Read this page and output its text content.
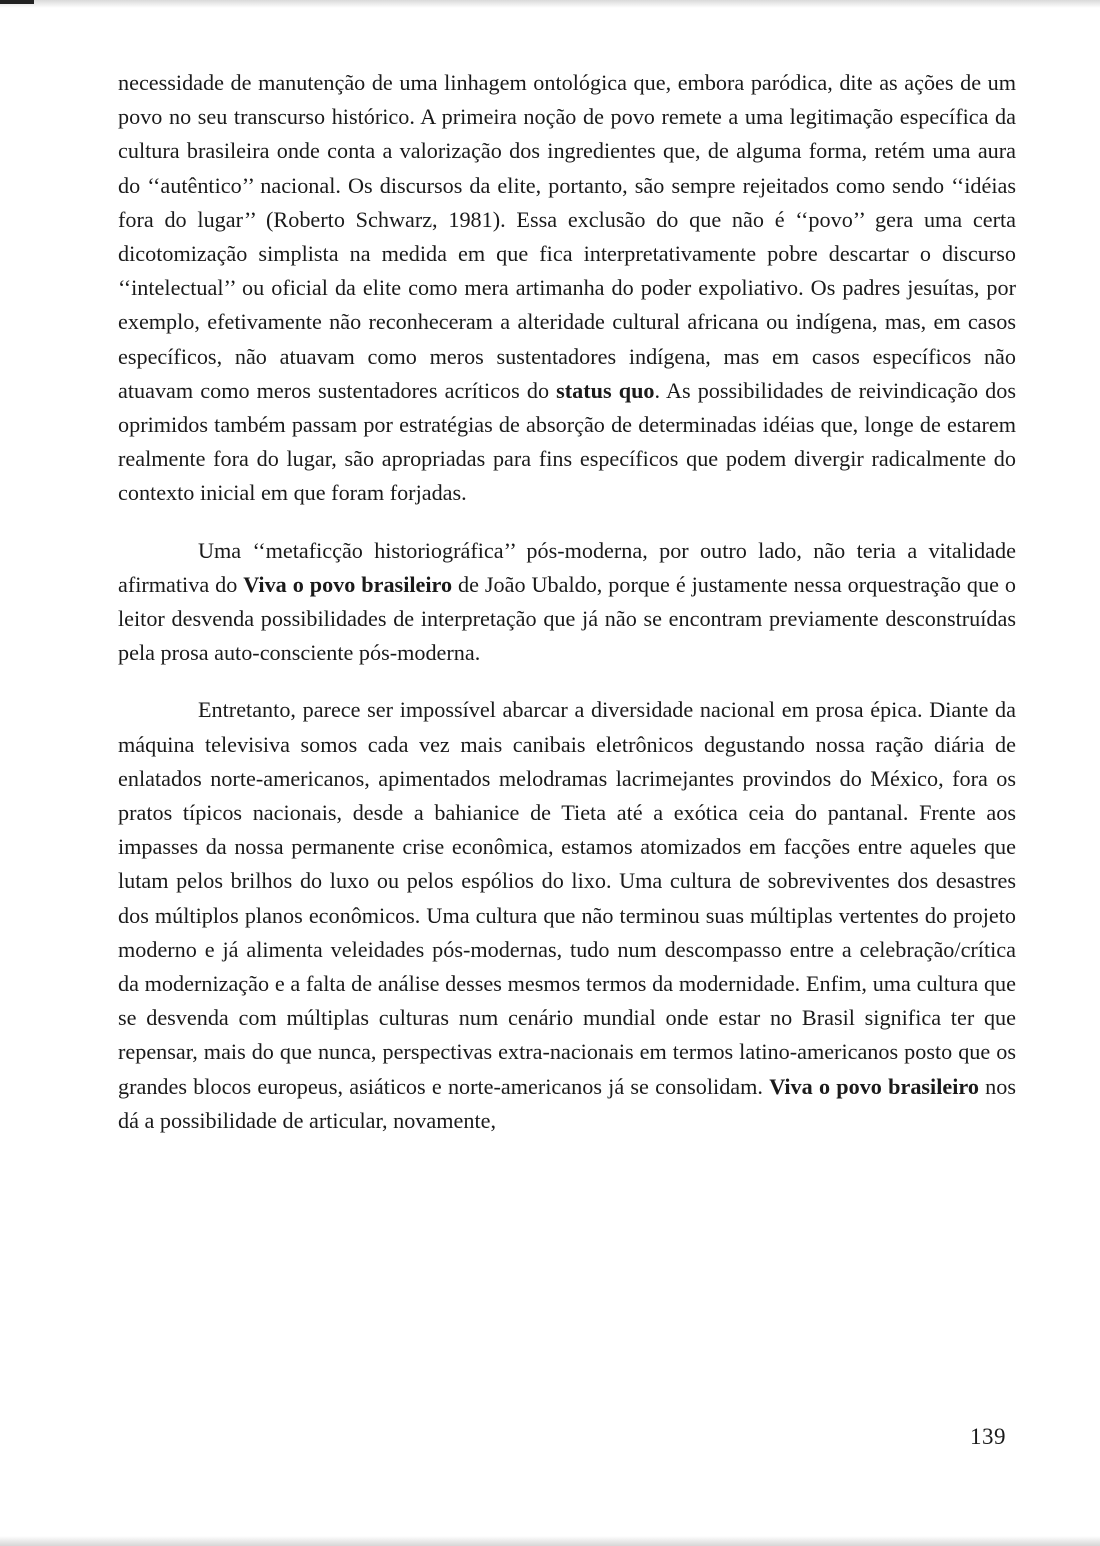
necessidade de manutenção de uma linhagem ontológica que, embora paródica, dite as ações de um povo no seu transcurso histórico. A primeira noção de povo remete a uma legitimação específica da cultura brasileira onde conta a valorização dos ingredientes que, de alguma forma, retém uma aura do ‘‘autêntico’’ nacional. Os discursos da elite, portanto, são sempre rejeitados como sendo ‘‘idéias fora do lugar’’ (Roberto Schwarz, 1981). Essa exclusão do que não é ‘‘povo’’ gera uma certa dicotomização simplista na medida em que fica interpretativamente pobre descartar o discurso ‘‘intelectual’’ ou oficial da elite como mera artimanha do poder expoliativo. Os padres jesuítas, por exemplo, efetivamente não reconheceram a alteridade cultural africana ou indígena, mas, em casos específicos, não atuavam como meros sustentadores indígena, mas em casos específicos não atuavam como meros sustentadores acríticos do status quo. As possibilidades de reivindicação dos oprimidos também passam por estratégias de absorção de determinadas idéias que, longe de estarem realmente fora do lugar, são apropriadas para fins específicos que podem divergir radicalmente do contexto inicial em que foram forjadas.

Uma ‘‘metaficção historiográfica’’ pós-moderna, por outro lado, não teria a vitalidade afirmativa do Viva o povo brasileiro de João Ubaldo, porque é justamente nessa orquestração que o leitor desvenda possibilidades de interpretação que já não se encontram previamente desconstruídas pela prosa auto-consciente pós-moderna.

Entretanto, parece ser impossível abarcar a diversidade nacional em prosa épica. Diante da máquina televisiva somos cada vez mais canibais eletrônicos degustando nossa ração diária de enlatados norte-americanos, apimentados melodramas lacrimejantes provindos do México, fora os pratos típicos nacionais, desde a bahianice de Tieta até a exótica ceia do pantanal. Frente aos impasses da nossa permanente crise econômica, estamos atomizados em facções entre aqueles que lutam pelos brilhos do luxo ou pelos espólios do lixo. Uma cultura de sobreviventes dos desastres dos múltiplos planos econômicos. Uma cultura que não terminou suas múltiplas vertentes do projeto moderno e já alimenta veleidades pós-modernas, tudo num descompasso entre a celebração/crítica da modernização e a falta de análise desses mesmos termos da modernidade. Enfim, uma cultura que se desvenda com múltiplas culturas num cenário mundial onde estar no Brasil significa ter que repensar, mais do que nunca, perspectivas extra-nacionais em termos latino-americanos posto que os grandes blocos europeus, asiáticos e norte-americanos já se consolidam. Viva o povo brasileiro nos dá a possibilidade de articular, novamente,

139
